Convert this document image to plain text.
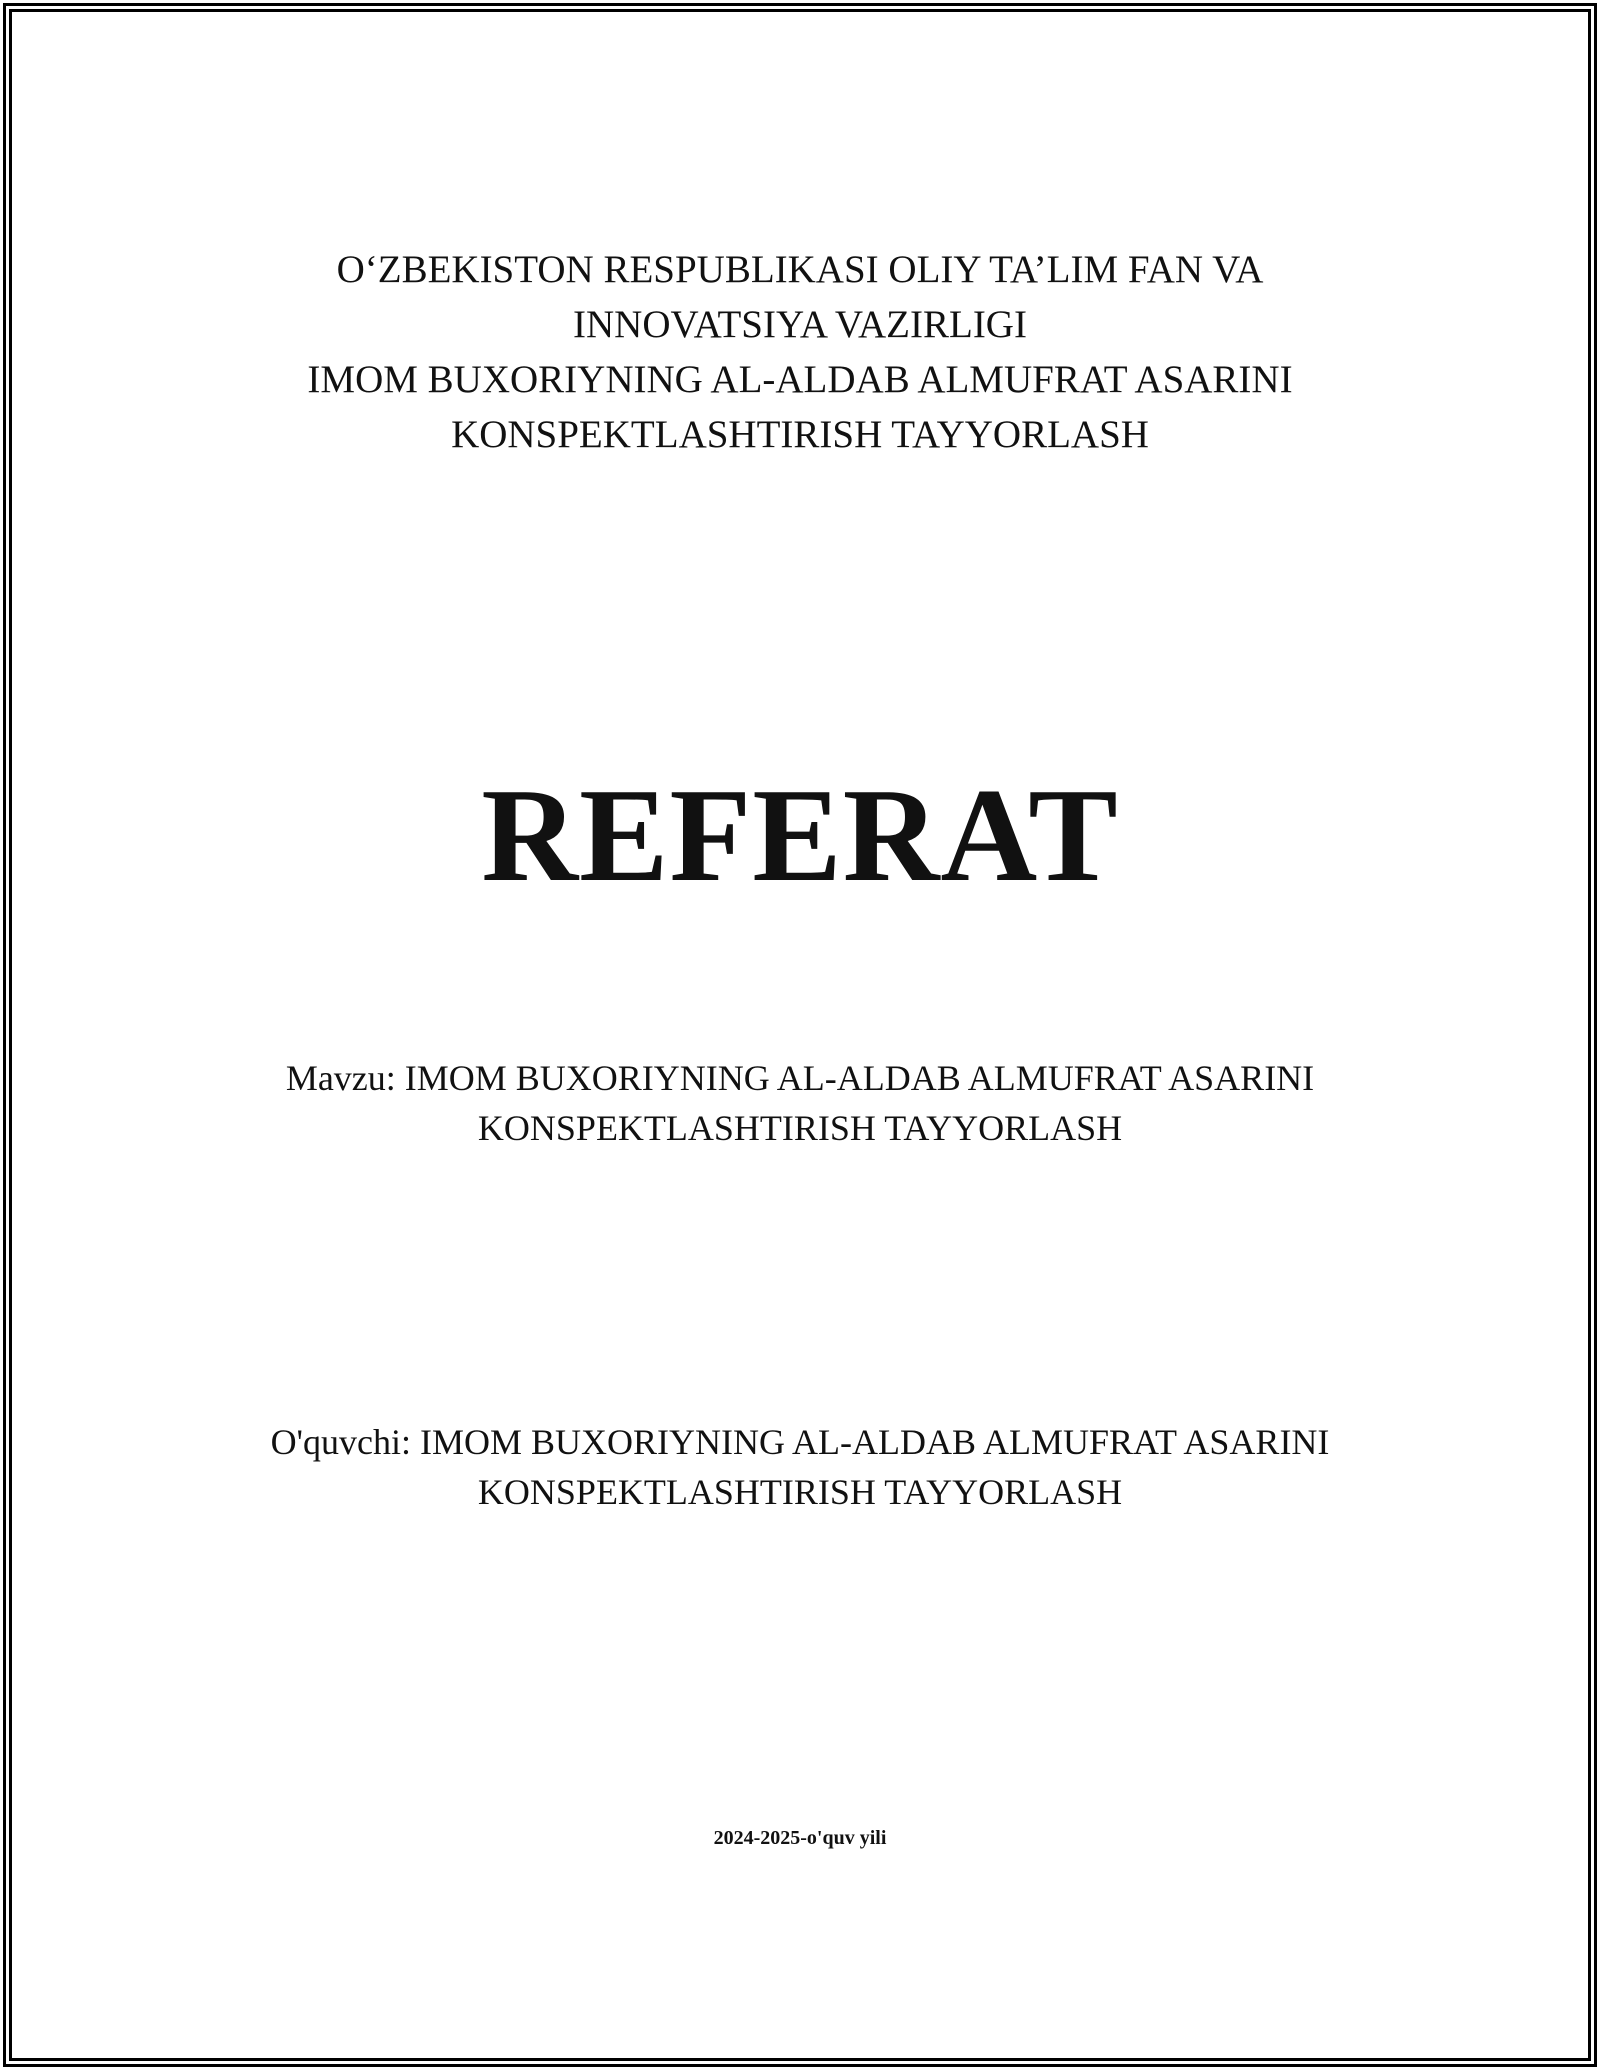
O‘ZBEKISTON RESPUBLIKASI OLIY TA’LIM FAN VA
INNOVATSIYA VAZIRLIGI
IMOM BUXORIYNING AL-ALDAB ALMUFRAT ASARINI
KONSPEKTLASHTIRISH TAYYORLASH
REFERAT
Mavzu: IMOM BUXORIYNING AL-ALDAB ALMUFRAT ASARINI
KONSPEKTLASHTIRISH TAYYORLASH
O'quvchi: IMOM BUXORIYNING AL-ALDAB ALMUFRAT ASARINI
KONSPEKTLASHTIRISH TAYYORLASH
2024-2025-o'quv yili
